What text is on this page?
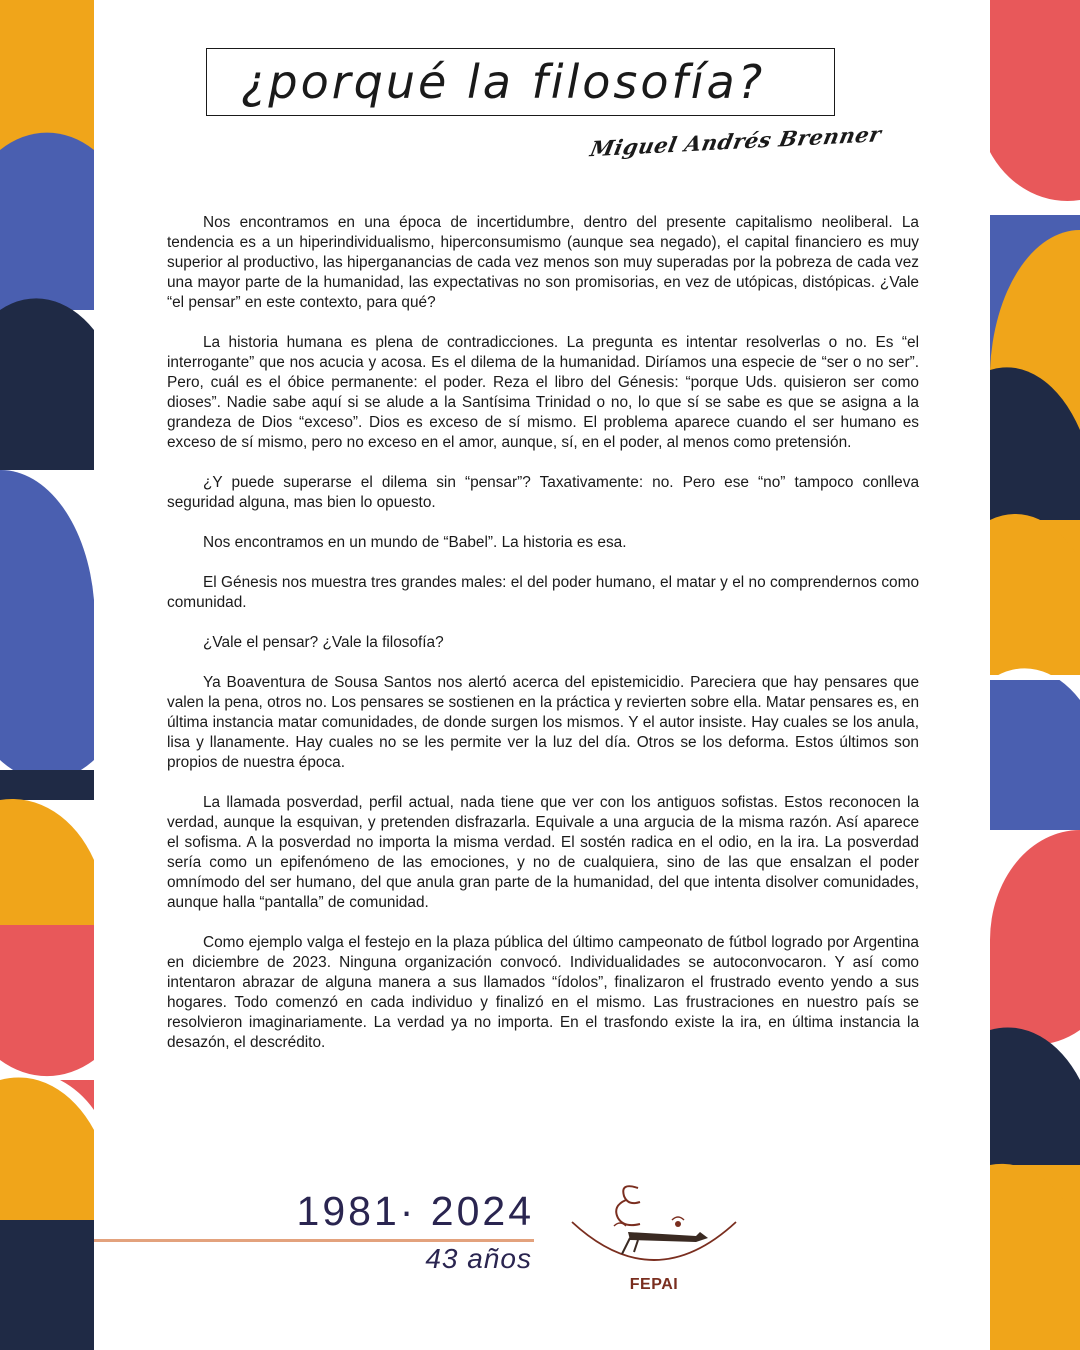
¿porqué la filosofía?
Miguel Andrés Brenner

Nos encontramos en una época de incertidumbre, dentro del presente capitalismo neoliberal. La tendencia es a un hiperindividualismo, hiperconsumismo (aunque sea negado), el capital financiero es muy superior al productivo, las hiperganancias de cada vez menos son muy superadas por la pobreza de cada vez una mayor parte de la humanidad, las expectativas no son promisorias, en vez de utópicas, distópicas. ¿Vale “el pensar” en este contexto, para qué?

La historia humana es plena de contradicciones. La pregunta es intentar resolverlas o no. Es “el interrogante” que nos acucia y acosa. Es el dilema de la humanidad. Diríamos una especie de “ser o no ser”. Pero, cuál es el óbice permanente: el poder. Reza el libro del Génesis: “porque Uds. quisieron ser como dioses”. Nadie sabe aquí si se alude a la Santísima Trinidad o no, lo que sí se sabe es que se asigna a la grandeza de Dios “exceso”. Dios es exceso de sí mismo. El problema aparece cuando el ser humano es exceso de sí mismo, pero no exceso en el amor, aunque, sí, en el poder, al menos como pretensión.

¿Y puede superarse el dilema sin “pensar”? Taxativamente: no. Pero ese “no” tampoco conlleva seguridad alguna, mas bien lo opuesto.

Nos encontramos en un mundo de “Babel”. La historia es esa.

El Génesis nos muestra tres grandes males: el del poder humano, el matar y el no comprendernos como comunidad.

¿Vale el pensar? ¿Vale la filosofía?

Ya Boaventura de Sousa Santos nos alertó acerca del epistemicidio. Pareciera que hay pensares que valen la pena, otros no. Los pensares se sostienen en la práctica y revierten sobre ella. Matar pensares es, en última instancia matar comunidades, de donde surgen los mismos. Y el autor insiste. Hay cuales se los anula, lisa y llanamente. Hay cuales no se les permite ver la luz del día. Otros se los deforma. Estos últimos son propios de nuestra época.

La llamada posverdad, perfil actual, nada tiene que ver con los antiguos sofistas. Estos reconocen la verdad, aunque la esquivan, y pretenden disfrazarla. Equivale a una argucia de la misma razón. Así aparece el sofisma. A la posverdad no importa la misma verdad. El sostén radica en el odio, en la ira. La posverdad sería como un epifenómeno de las emociones, y no de cualquiera, sino de las que ensalzan el poder omnímodo del ser humano, del que anula gran parte de la humanidad, del que intenta disolver comunidades, aunque halla “pantalla” de comunidad.

Como ejemplo valga el festejo en la plaza pública del último campeonato de fútbol logrado por Argentina en diciembre de 2023. Ninguna organización convocó. Individualidades se autoconvocaron. Y así como intentaron abrazar de alguna manera a sus llamados “ídolos”, finalizaron el frustrado evento yendo a sus hogares. Todo comenzó en cada individuo y finalizó en el mismo. Las frustraciones en nuestro país se resolvieron imaginariamente. La verdad ya no importa. En el trasfondo existe la ira, en última instancia la desazón, el descrédito.

1981· 2024
43 años
FEPAI
